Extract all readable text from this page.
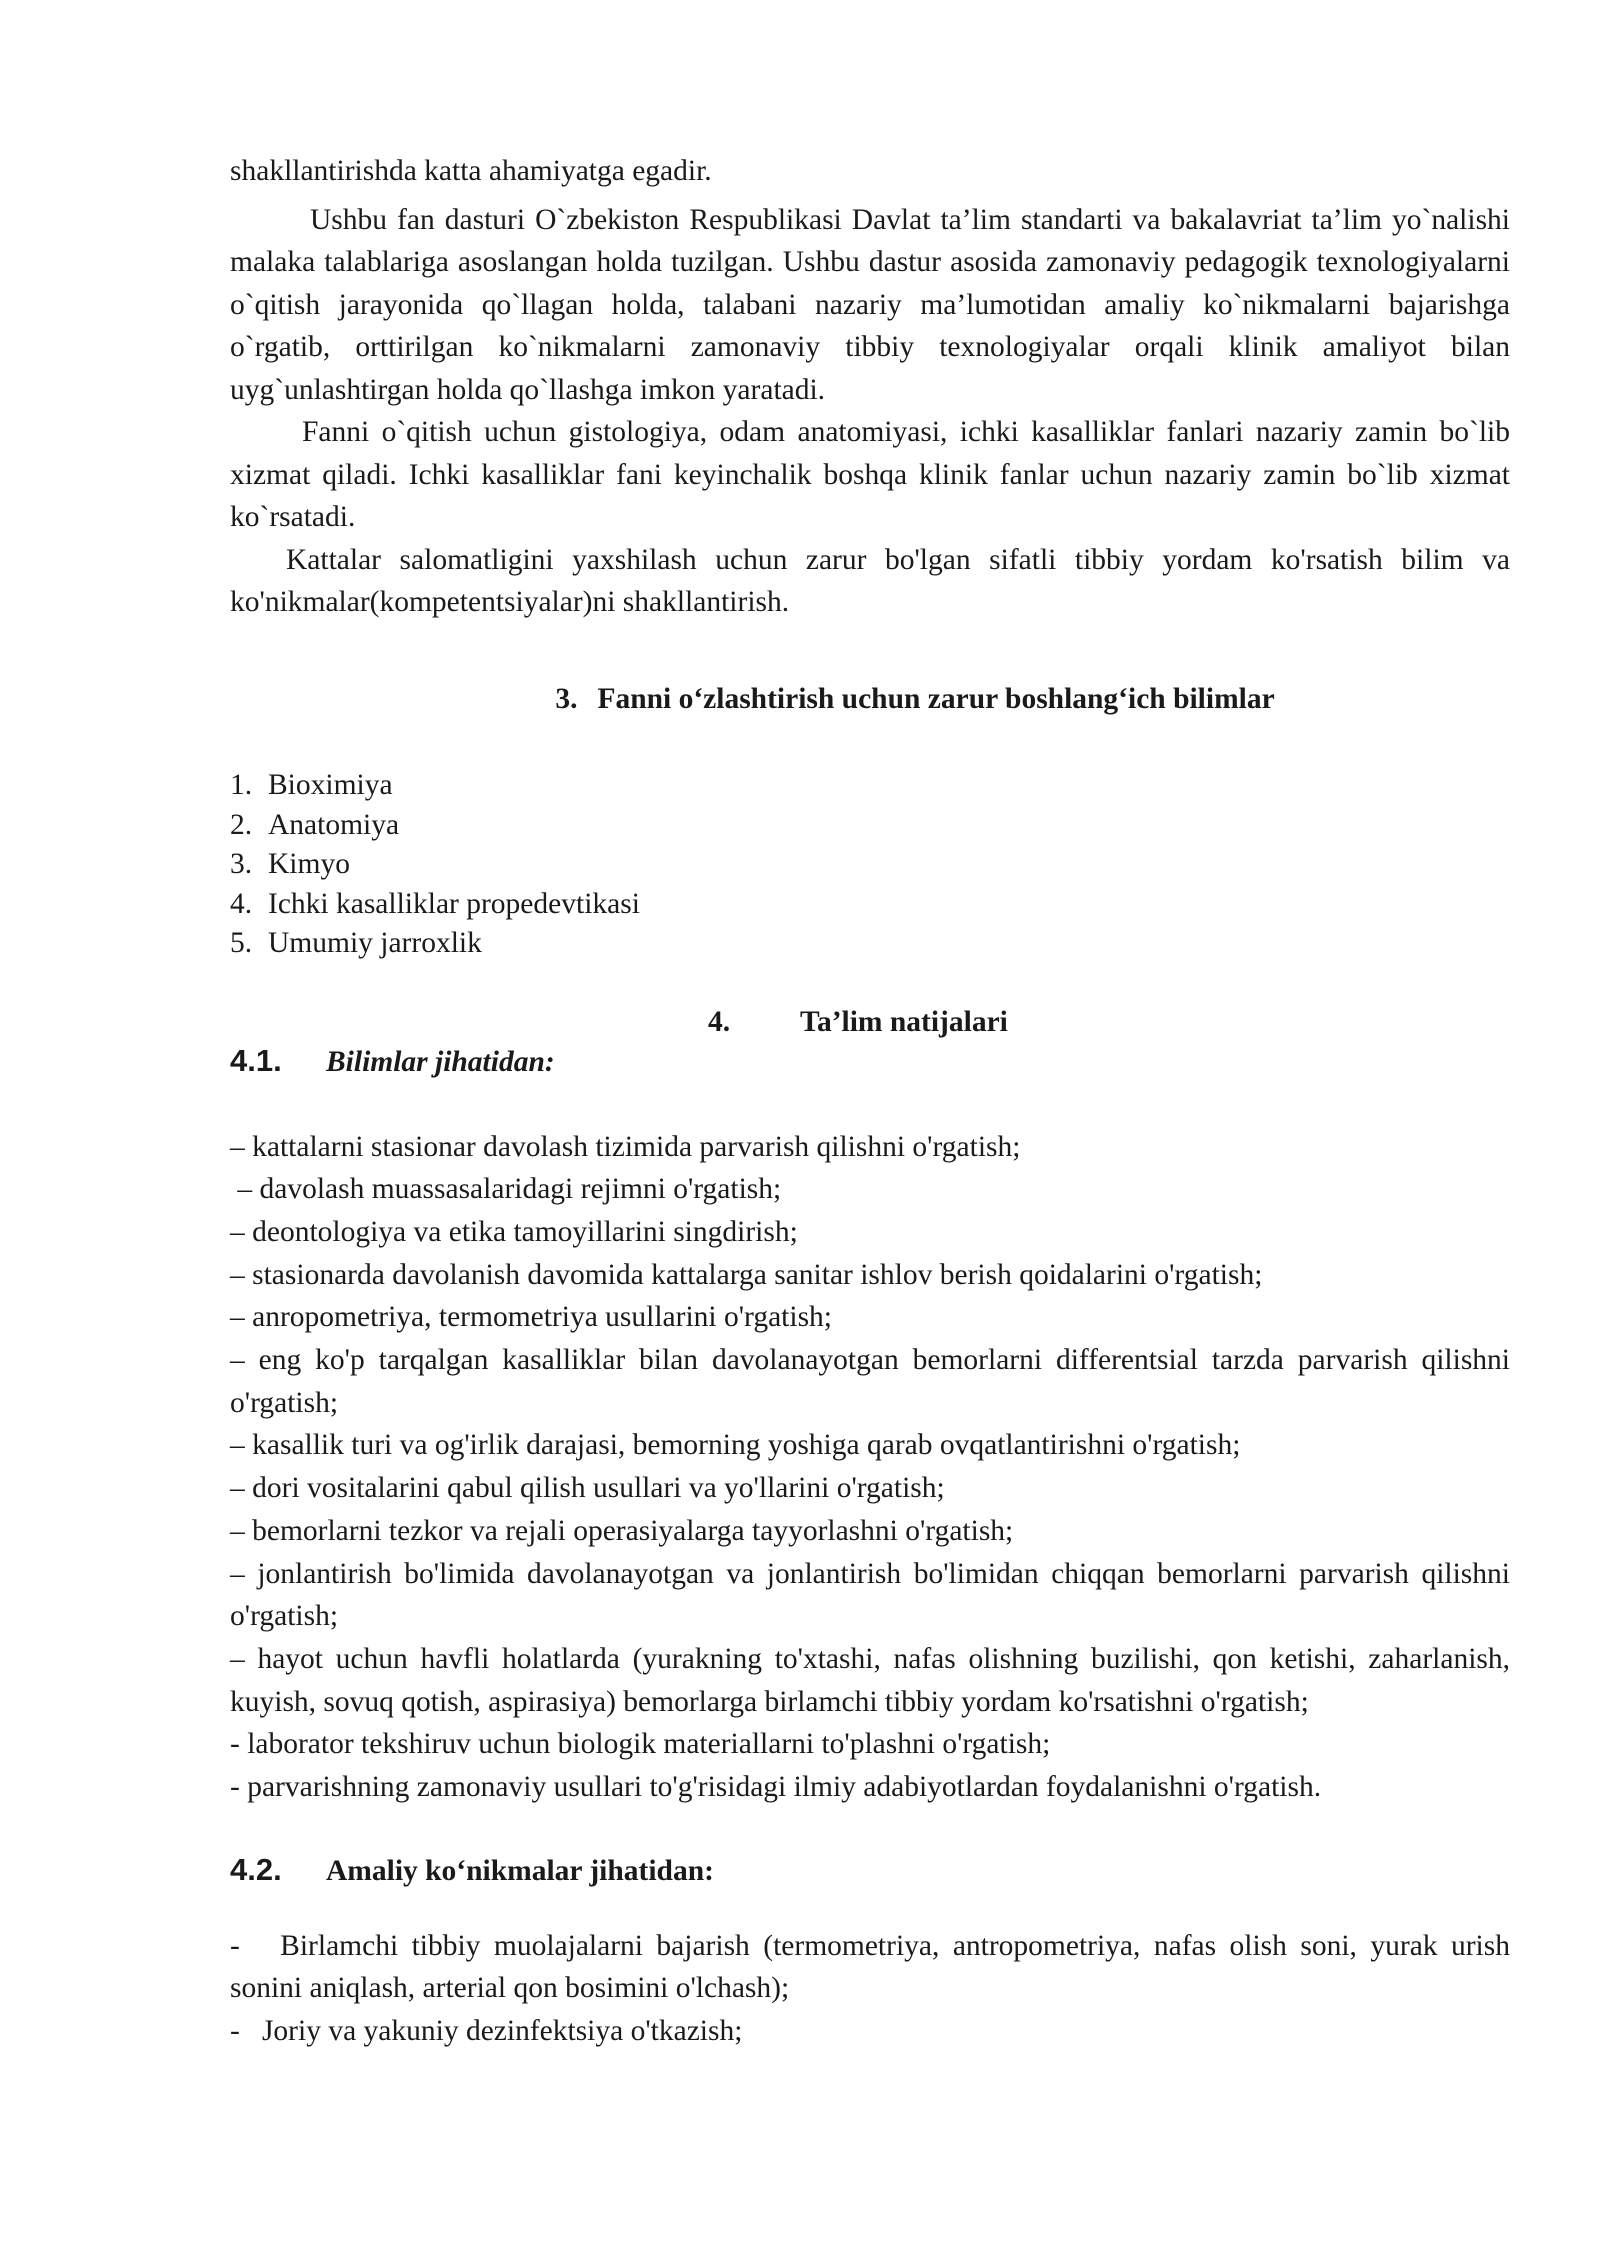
shakllantirishda katta ahamiyatga egadir.

Ushbu fan dasturi O`zbekiston Respublikasi Davlat ta’lim standarti va bakalavriat ta’lim yo`nalishi malaka talablariga asoslangan holda tuzilgan. Ushbu dastur asosida zamonaviy pedagogik texnologiyalarni o`qitish jarayonida qo`llagan holda, talabani nazariy ma’lumotidan amaliy ko`nikmalarni bajarishga o`rgatib, orttirilgan ko`nikmalarni zamonaviy tibbiy texnologiyalar orqali klinik amaliyot bilan uyg`unlashtirgan holda qo`llashga imkon yaratadi.

Fanni o`qitish uchun gistologiya, odam anatomiyasi, ichki kasalliklar fanlari nazariy zamin bo`lib xizmat qiladi. Ichki kasalliklar fani keyinchalik boshqa klinik fanlar uchun nazariy zamin bo`lib xizmat ko`rsatadi.

Kattalar salomatligini yaxshilash uchun zarur bo'lgan sifatli tibbiy yordam ko'rsatish bilim va ko'nikmalar(kompetentsiyalar)ni shakllantirish.

3. Fanni o‘zlashtirish uchun zarur boshlang‘ich bilimlar

1. Bioximiya
2. Anatomiya
3. Kimyo
4. Ichki kasalliklar propedevtikasi
5. Umumiy jarroxlik

4. Ta’lim natijalari

4.1.	Bilimlar jihatidan:

– kattalarni stasionar davolash tizimida parvarish qilishni o'rgatish;

– davolash muassasalaridagi rejimni o'rgatish;

– deontologiya va etika tamoyillarini singdirish;

– stasionarda davolanish davomida kattalarga sanitar ishlov berish qoidalarini o'rgatish;

– anropometriya, termometriya usullarini o'rgatish;

– eng ko'p tarqalgan kasalliklar bilan davolanayotgan bemorlarni differentsial tarzda parvarish qilishni o'rgatish;

– kasallik turi va og'irlik darajasi, bemorning yoshiga qarab ovqatlantirishni o'rgatish;

– dori vositalarini qabul qilish usullari va yo'llarini o'rgatish;

– bemorlarni tezkor va rejali operasiyalarga tayyorlashni o'rgatish;

– jonlantirish bo'limida davolanayotgan va jonlantirish bo'limidan chiqqan bemorlarni parvarish qilishni o'rgatish;

– hayot uchun havfli holatlarda (yurakning to'xtashi, nafas olishning buzilishi, qon ketishi, zaharlanish, kuyish, sovuq qotish, aspirasiya) bemorlarga birlamchi tibbiy yordam ko'rsatishni o'rgatish;

- laborator tekshiruv uchun biologik materiallarni to'plashni o'rgatish;

- parvarishning zamonaviy usullari to'g'risidagi ilmiy adabiyotlardan foydalanishni o'rgatish.

4.2.	Amaliy ko‘nikmalar jihatidan:

-   Birlamchi tibbiy muolajalarni bajarish (termometriya, antropometriya, nafas olish soni, yurak urish sonini aniqlash, arterial qon bosimini o'lchash);

-   Joriy va yakuniy dezinfektsiya o'tkazish;
